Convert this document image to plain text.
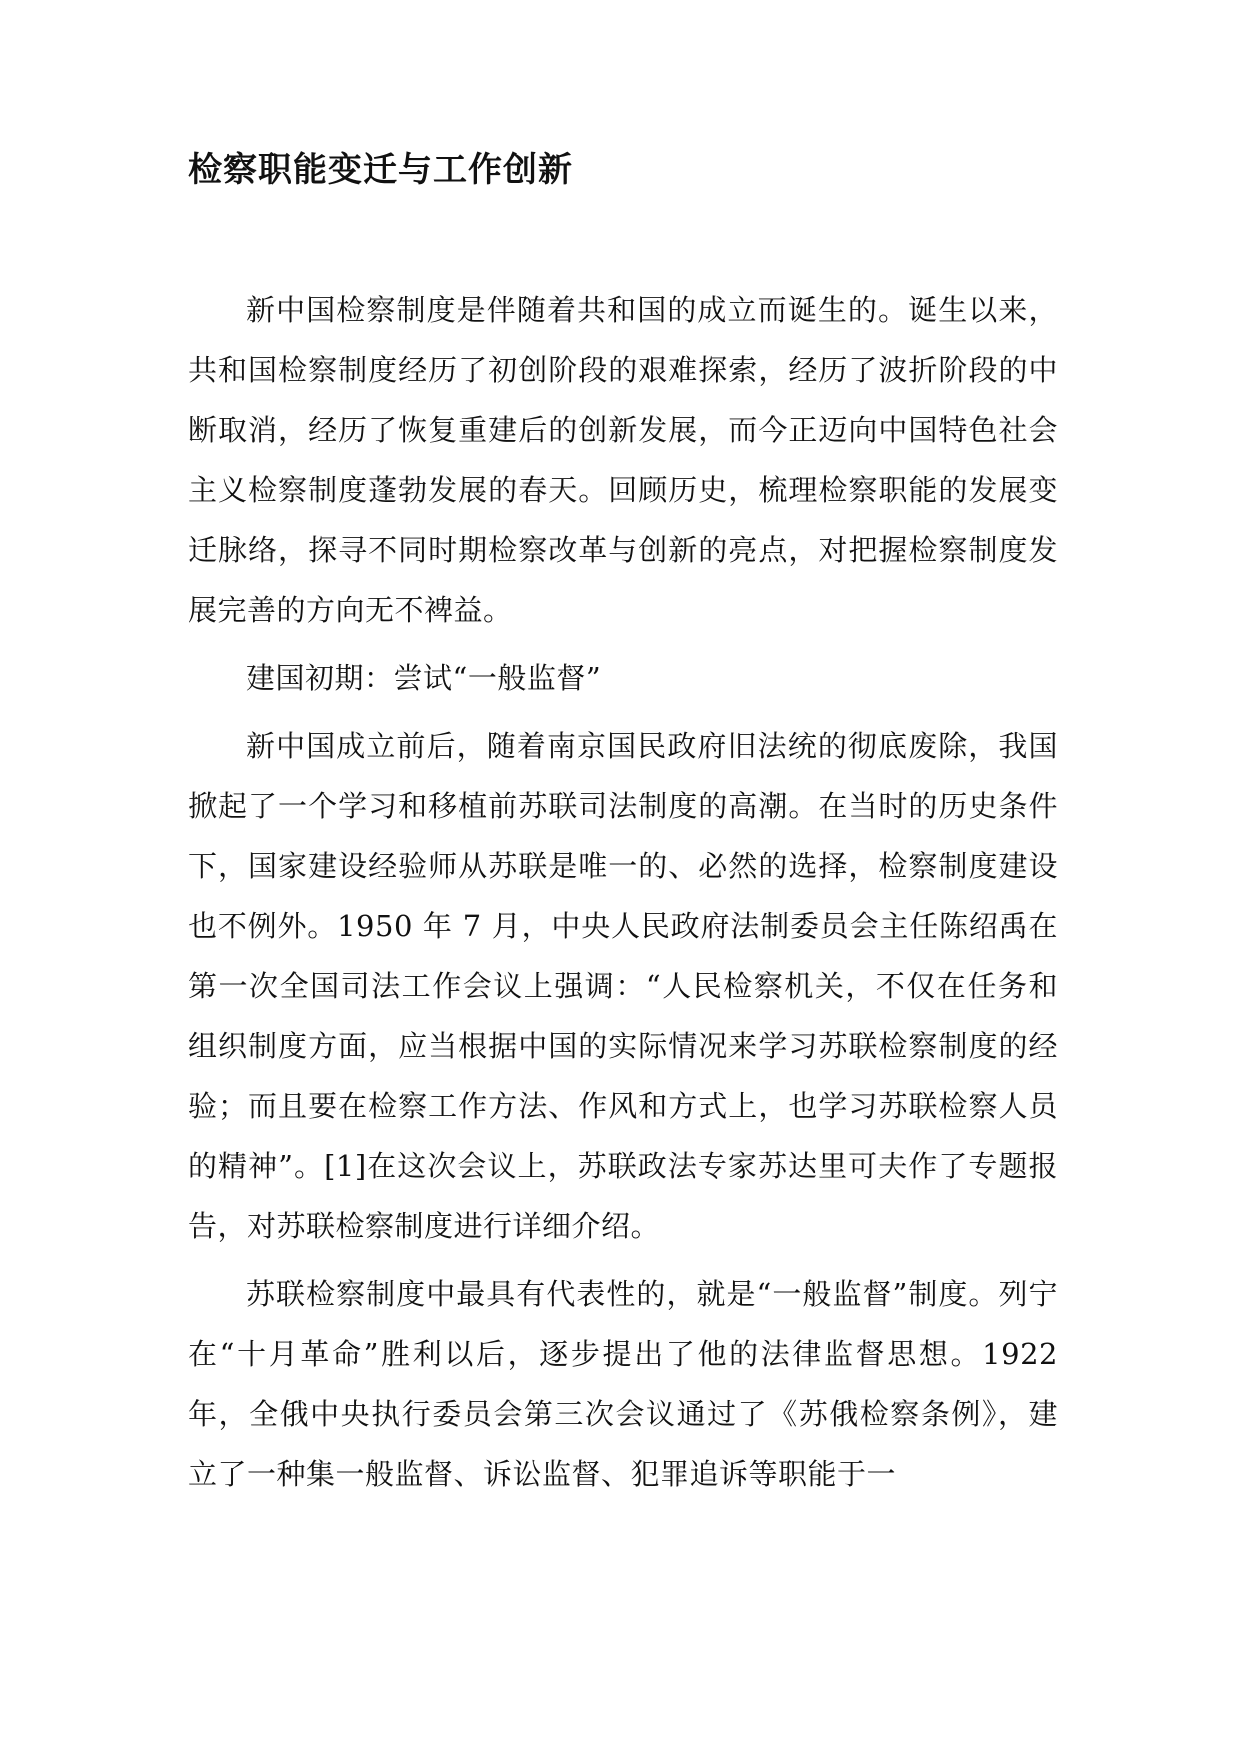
检察职能变迁与工作创新

新中国检察制度是伴随着共和国的成立而诞生的。诞生以来，共和国检察制度经历了初创阶段的艰难探索，经历了波折阶段的中断取消，经历了恢复重建后的创新发展，而今正迈向中国特色社会主义检察制度蓬勃发展的春天。回顾历史，梳理检察职能的发展变迁脉络，探寻不同时期检察改革与创新的亮点，对把握检察制度发展完善的方向无不裨益。

建国初期：尝试“一般监督”

新中国成立前后，随着南京国民政府旧法统的彻底废除，我国掀起了一个学习和移植前苏联司法制度的高潮。在当时的历史条件下，国家建设经验师从苏联是唯一的、必然的选择，检察制度建设也不例外。1950 年 7 月，中央人民政府法制委员会主任陈绍禹在第一次全国司法工作会议上强调：“人民检察机关，不仅在任务和组织制度方面，应当根据中国的实际情况来学习苏联检察制度的经验；而且要在检察工作方法、作风和方式上，也学习苏联检察人员的精神”。[1]在这次会议上，苏联政法专家苏达里可夫作了专题报告，对苏联检察制度进行详细介绍。

苏联检察制度中最具有代表性的，就是“一般监督”制度。列宁在“十月革命”胜利以后，逐步提出了他的法律监督思想。1922 年，全俄中央执行委员会第三次会议通过了《苏俄检察条例》，建立了一种集一般监督、诉讼监督、犯罪追诉等职能于一
